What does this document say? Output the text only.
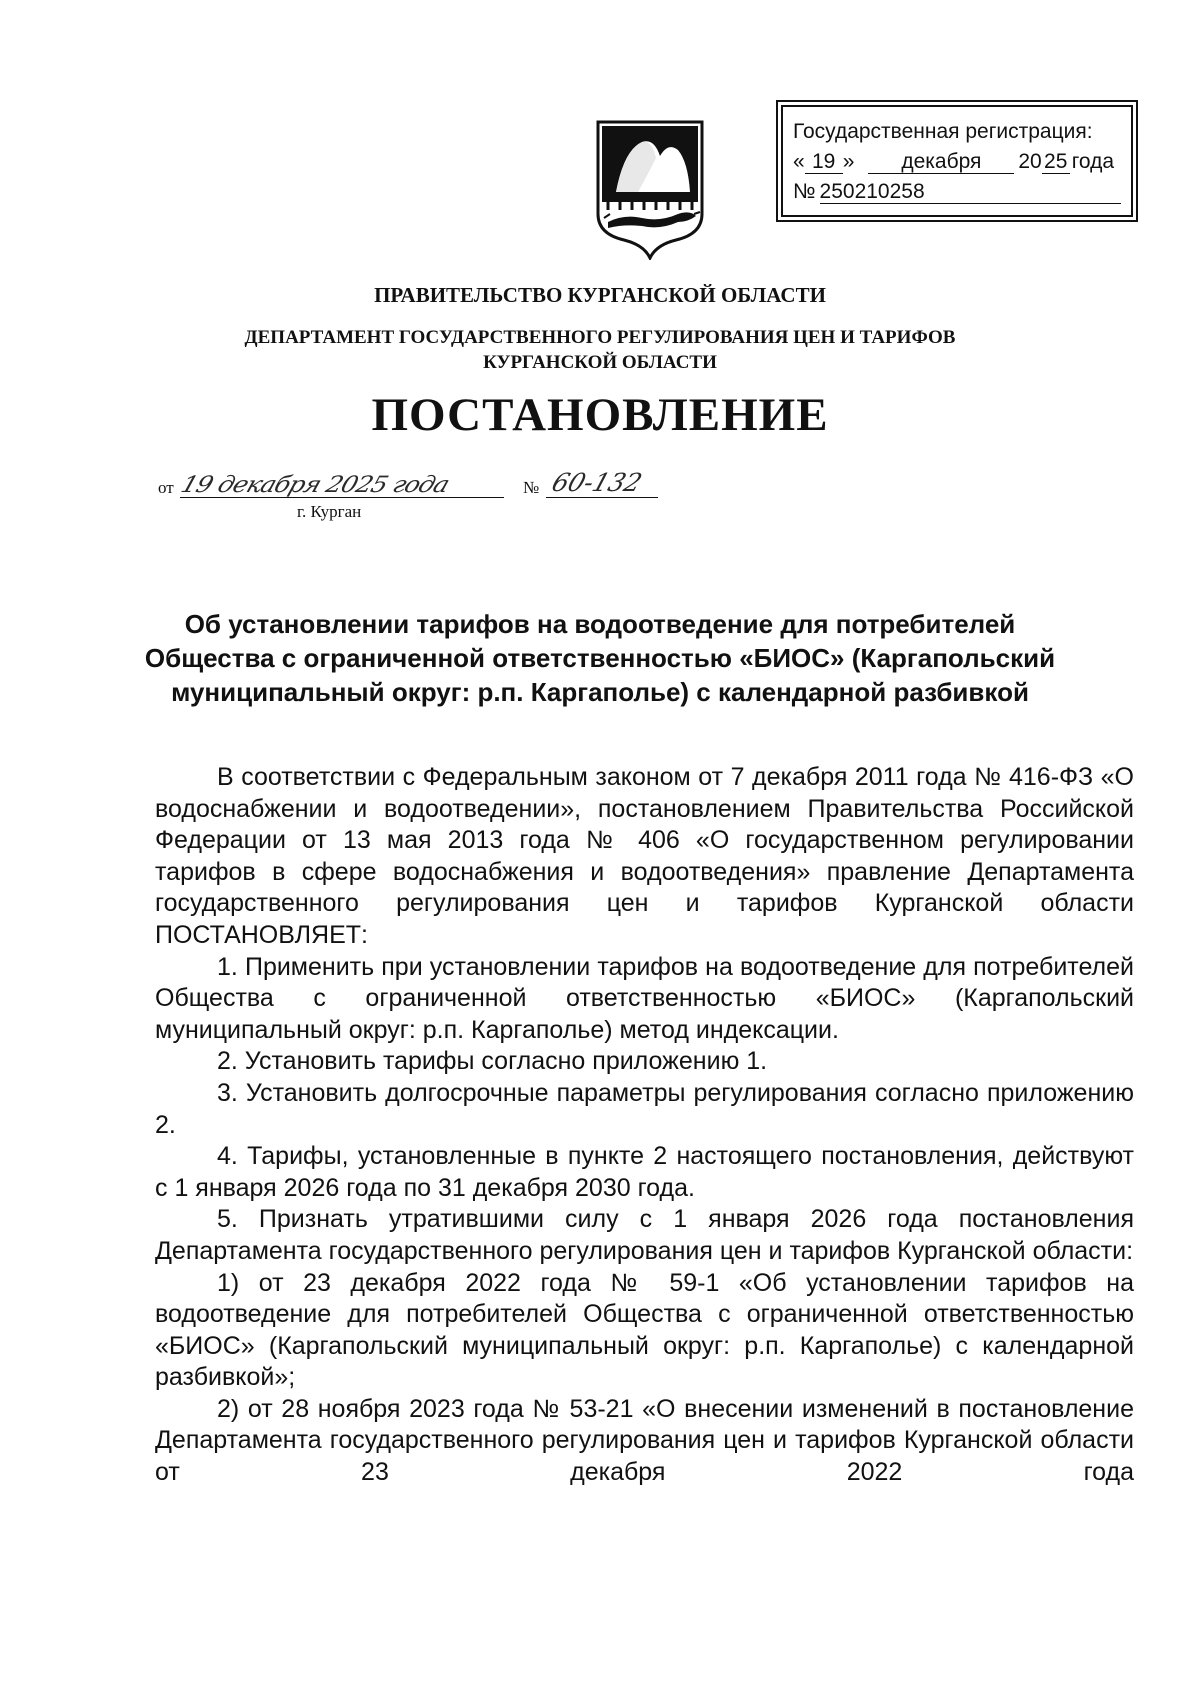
Государственная регистрация:
« 19 »	декабря	20 25 года
№ 250210258
ПРАВИТЕЛЬСТВО КУРГАНСКОЙ ОБЛАСТИ
ДЕПАРТАМЕНТ ГОСУДАРСТВЕННОГО РЕГУЛИРОВАНИЯ ЦЕН И ТАРИФОВ
КУРГАНСКОЙ ОБЛАСТИ
ПОСТАНОВЛЕНИЕ
от 19 декабря 2025 года	№ 60-132
г. Курган
Об установлении тарифов на водоотведение для потребителей
Общества с ограниченной ответственностью «БИОС» (Каргапольский
муниципальный округ: р.п. Каргаполье) с календарной разбивкой

В соответствии с Федеральным законом от 7 декабря 2011 года № 416-ФЗ «О водоснабжении и водоотведении», постановлением Правительства Российской Федерации от 13 мая 2013 года № 406 «О государственном регулировании тарифов в сфере водоснабжения и водоотведения» правление Департамента государственного регулирования цен и тарифов Курганской области ПОСТАНОВЛЯЕТ:

1. Применить при установлении тарифов на водоотведение для потребителей Общества с ограниченной ответственностью «БИОС» (Каргапольский муниципальный округ: р.п. Каргаполье) метод индексации.

2. Установить тарифы согласно приложению 1.

3. Установить долгосрочные параметры регулирования согласно приложению 2.

4. Тарифы, установленные в пункте 2 настоящего постановления, действуют с 1 января 2026 года по 31 декабря 2030 года.

5. Признать утратившими силу с 1 января 2026 года постановления Департамента государственного регулирования цен и тарифов Курганской области:

1) от 23 декабря 2022 года № 59-1 «Об установлении тарифов на водоотведение для потребителей Общества с ограниченной ответственностью «БИОС» (Каргапольский муниципальный округ: р.п. Каргаполье) с календарной разбивкой»;

2) от 28 ноября 2023 года № 53-21 «О внесении изменений в постановление Департамента государственного регулирования цен и тарифов Курганской области от 23 декабря 2022 года
